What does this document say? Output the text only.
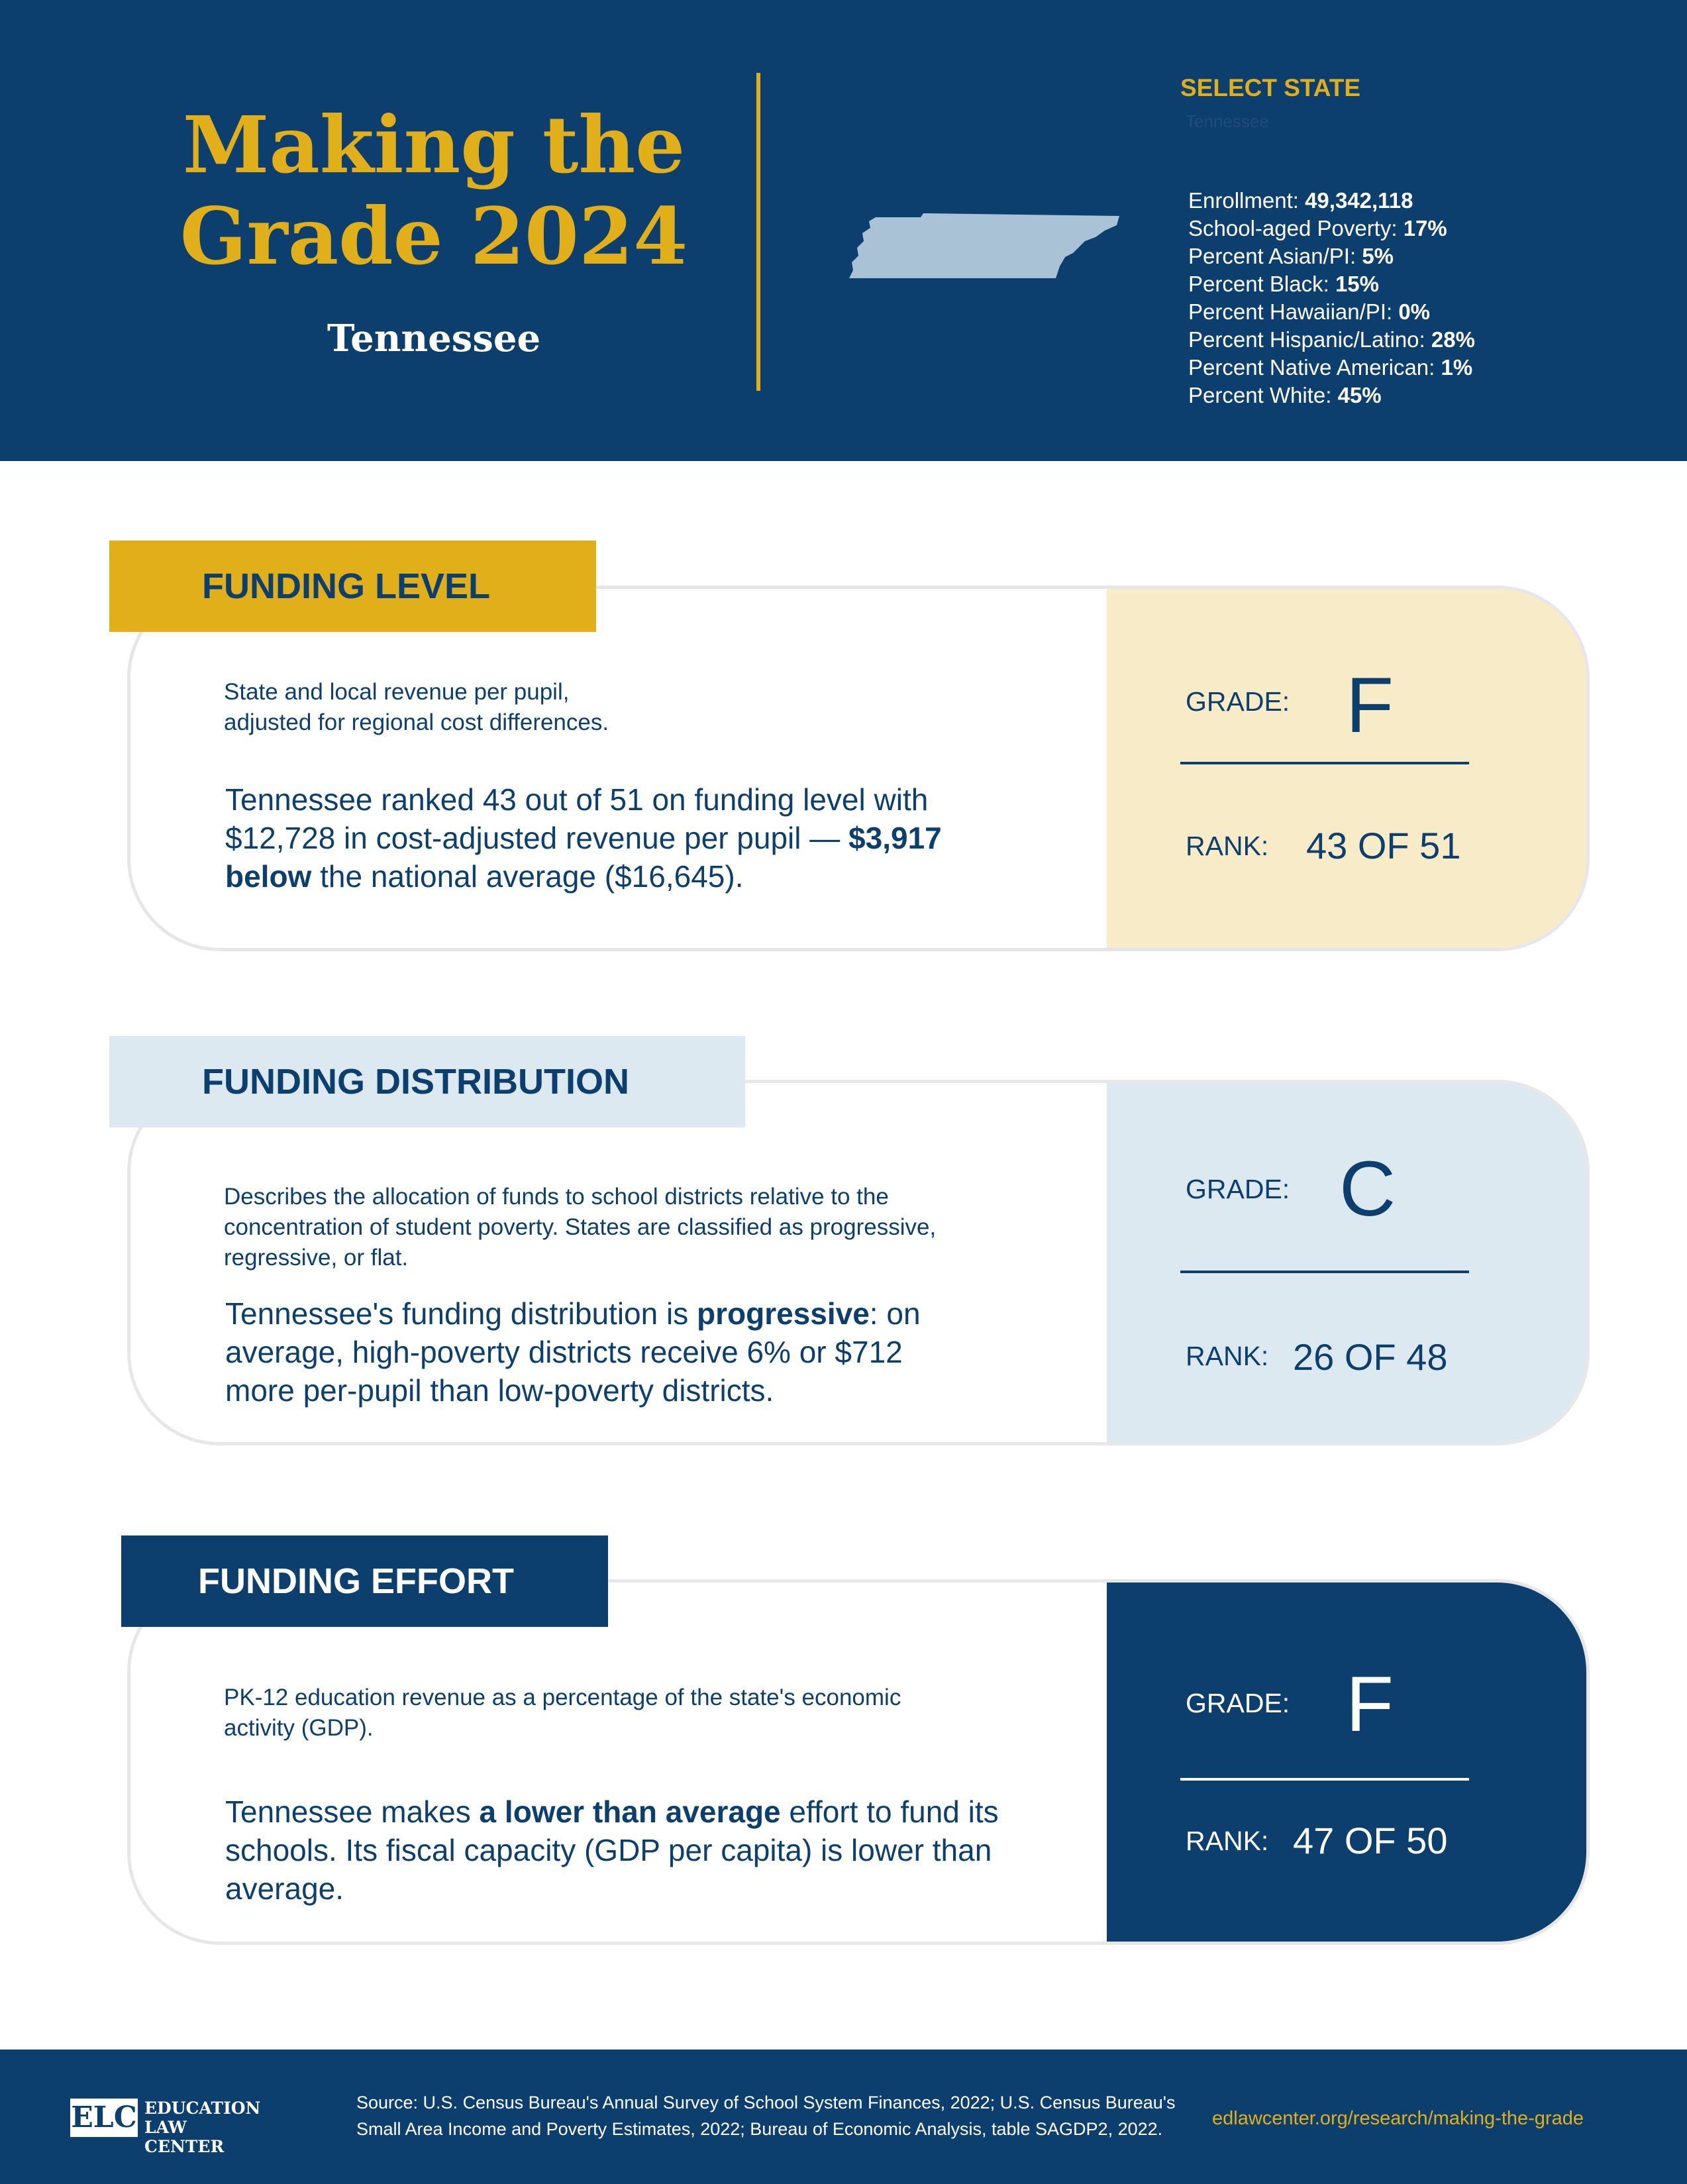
Making the
Grade 2024
Tennessee
SELECT STATE
Tennessee
Enrollment: 49,342,118
School-aged Poverty: 17%
Percent Asian/PI: 5%
Percent Black: 15%
Percent Hawaiian/PI: 0%
Percent Hispanic/Latino: 28%
Percent Native American: 1%
Percent White: 45%
FUNDING LEVEL
State and local revenue per pupil,
adjusted for regional cost differences.
Tennessee ranked 43 out of 51 on funding level with
$12,728 in cost-adjusted revenue per pupil — $3,917
below the national average ($16,645).
GRADE: F
RANK: 43 OF 51
FUNDING DISTRIBUTION
Describes the allocation of funds to school districts relative to the
concentration of student poverty. States are classified as progressive,
regressive, or flat.
Tennessee's funding distribution is progressive: on
average, high-poverty districts receive 6% or $712
more per-pupil than low-poverty districts.
GRADE: C
RANK: 26 OF 48
FUNDING EFFORT
PK-12 education revenue as a percentage of the state's economic
activity (GDP).
Tennessee makes a lower than average effort to fund its
schools. Its fiscal capacity (GDP per capita) is lower than
average.
GRADE: F
RANK: 47 OF 50
ELC EDUCATION
LAW CENTER
Source: U.S. Census Bureau's Annual Survey of School System Finances, 2022; U.S. Census Bureau's
Small Area Income and Poverty Estimates, 2022; Bureau of Economic Analysis, table SAGDP2, 2022.	edlawcenter.org/research/making-the-grade
